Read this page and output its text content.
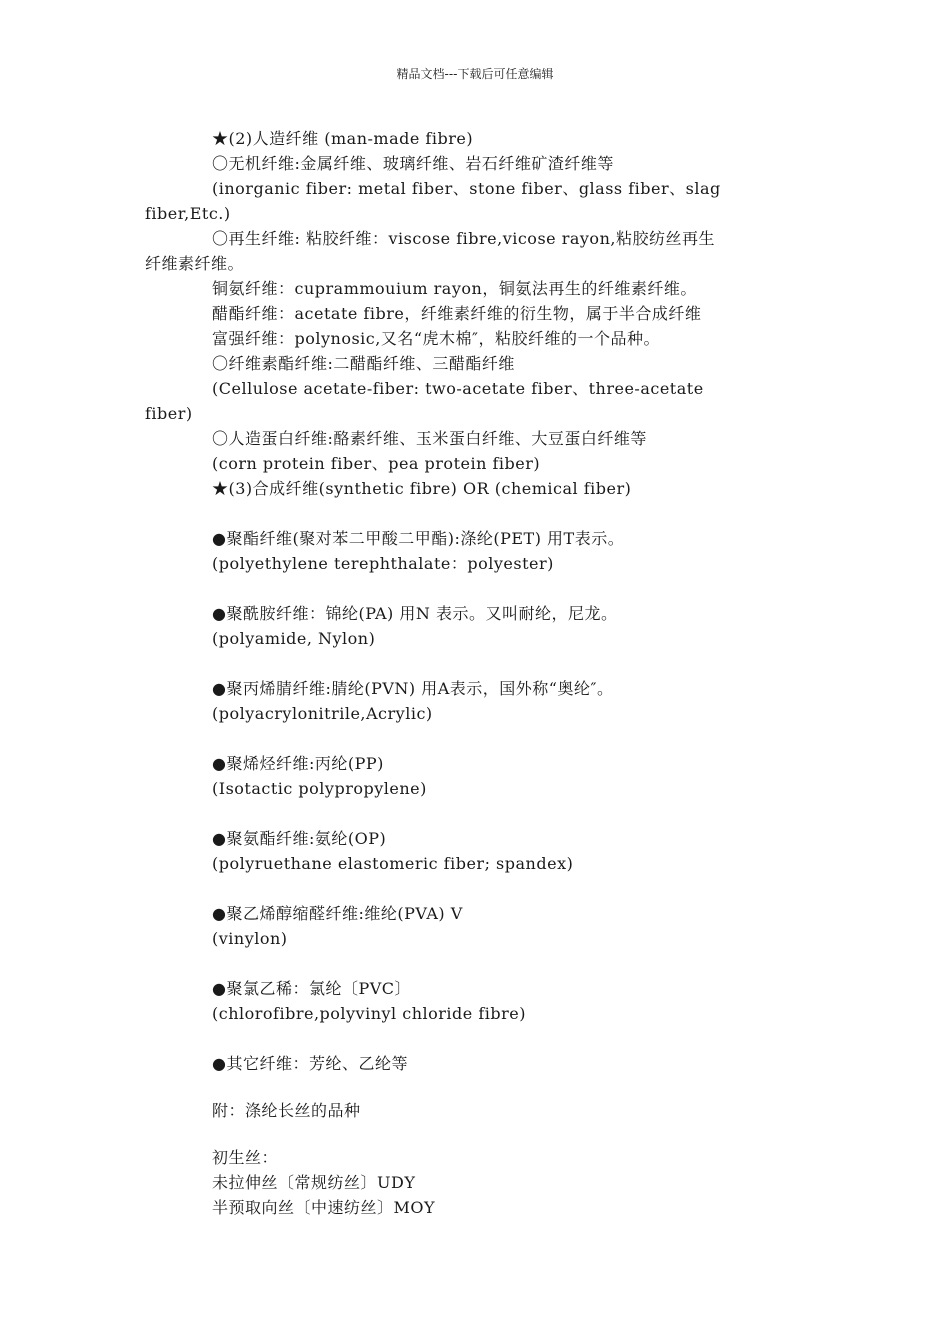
精品文档---下载后可任意编辑

★(2)人造纤维 (man-made fibre)

〇无机纤维:金属纤维、玻璃纤维、岩石纤维矿渣纤维等

(inorganic fiber: metal fiber、stone fiber、glass fiber、slag

fiber,Etc.)

〇再生纤维: 粘胶纤维：viscose fibre,vicose rayon,粘胶纺丝再生

纤维素纤维。

铜氨纤维：cuprammouium rayon，铜氨法再生的纤维素纤维。

醋酯纤维：acetate fibre，纤维素纤维的衍生物，属于半合成纤维

富强纤维：polynosic,又名“虎木棉″，粘胶纤维的一个品种。

〇纤维素酯纤维:二醋酯纤维、三醋酯纤维

(Cellulose acetate-fiber: two-acetate fiber、three-acetate

fiber)

〇人造蛋白纤维:酪素纤维、玉米蛋白纤维、大豆蛋白纤维等

(corn protein fiber、pea protein fiber)

★(3)合成纤维(synthetic fibre) OR (chemical fiber)

●聚酯纤维(聚对苯二甲酸二甲酯):涤纶(PET) 用T表示。

(polyethylene terephthalate：polyester)

●聚酰胺纤维：锦纶(PA) 用N 表示。又叫耐纶，尼龙。

(polyamide, Nylon)

●聚丙烯腈纤维:腈纶(PVN) 用A表示，国外称“奥纶″。

(polyacrylonitrile,Acrylic)

●聚烯烃纤维:丙纶(PP)

(Isotactic polypropylene)

●聚氨酯纤维:氨纶(OP)

(polyruethane elastomeric fiber; spandex)

●聚乙烯醇缩醛纤维:维纶(PVA) V

(vinylon)

●聚氯乙稀：氯纶〔PVC〕

(chlorofibre,polyvinyl chloride fibre)

●其它纤维：芳纶、乙纶等

附：涤纶长丝的品种

初生丝：

未拉伸丝〔常规纺丝〕UDY

半预取向丝〔中速纺丝〕MOY
